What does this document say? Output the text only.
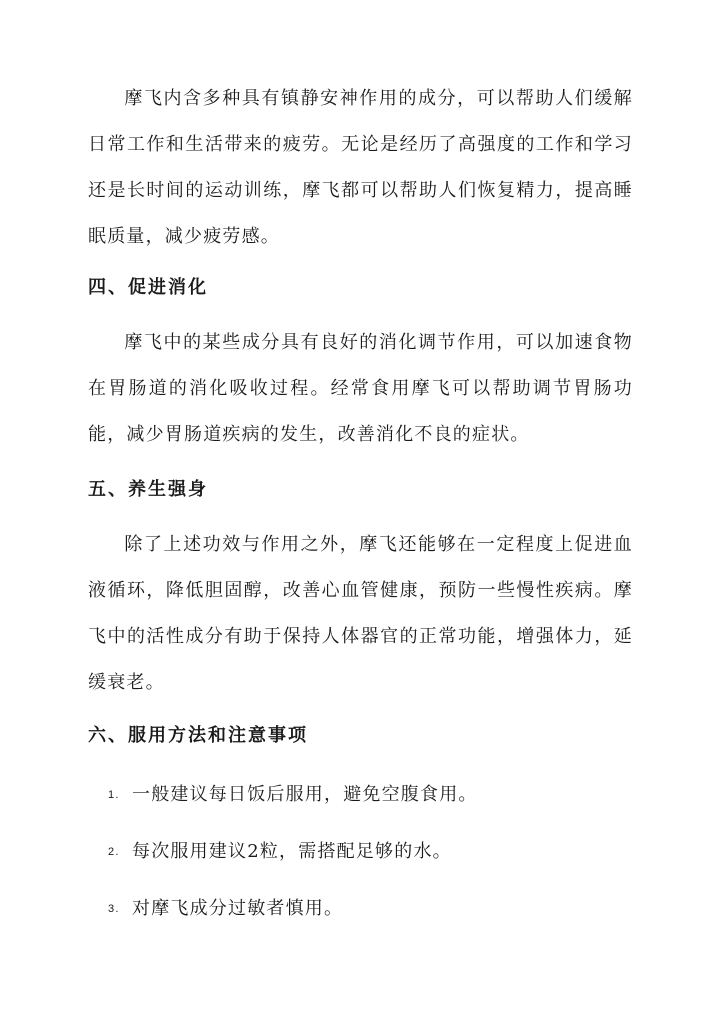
摩飞内含多种具有镇静安神作用的成分，可以帮助人们缓解日常工作和生活带来的疲劳。无论是经历了高强度的工作和学习还是长时间的运动训练，摩飞都可以帮助人们恢复精力，提高睡眠质量，减少疲劳感。

四、促进消化

摩飞中的某些成分具有良好的消化调节作用，可以加速食物在胃肠道的消化吸收过程。经常食用摩飞可以帮助调节胃肠功能，减少胃肠道疾病的发生，改善消化不良的症状。

五、养生强身

除了上述功效与作用之外，摩飞还能够在一定程度上促进血液循环，降低胆固醇，改善心血管健康，预防一些慢性疾病。摩飞中的活性成分有助于保持人体器官的正常功能，增强体力，延缓衰老。

六、服用方法和注意事项
1. 一般建议每日饭后服用，避免空腹食用。
2. 每次服用建议2粒，需搭配足够的水。
3. 对摩飞成分过敏者慎用。
